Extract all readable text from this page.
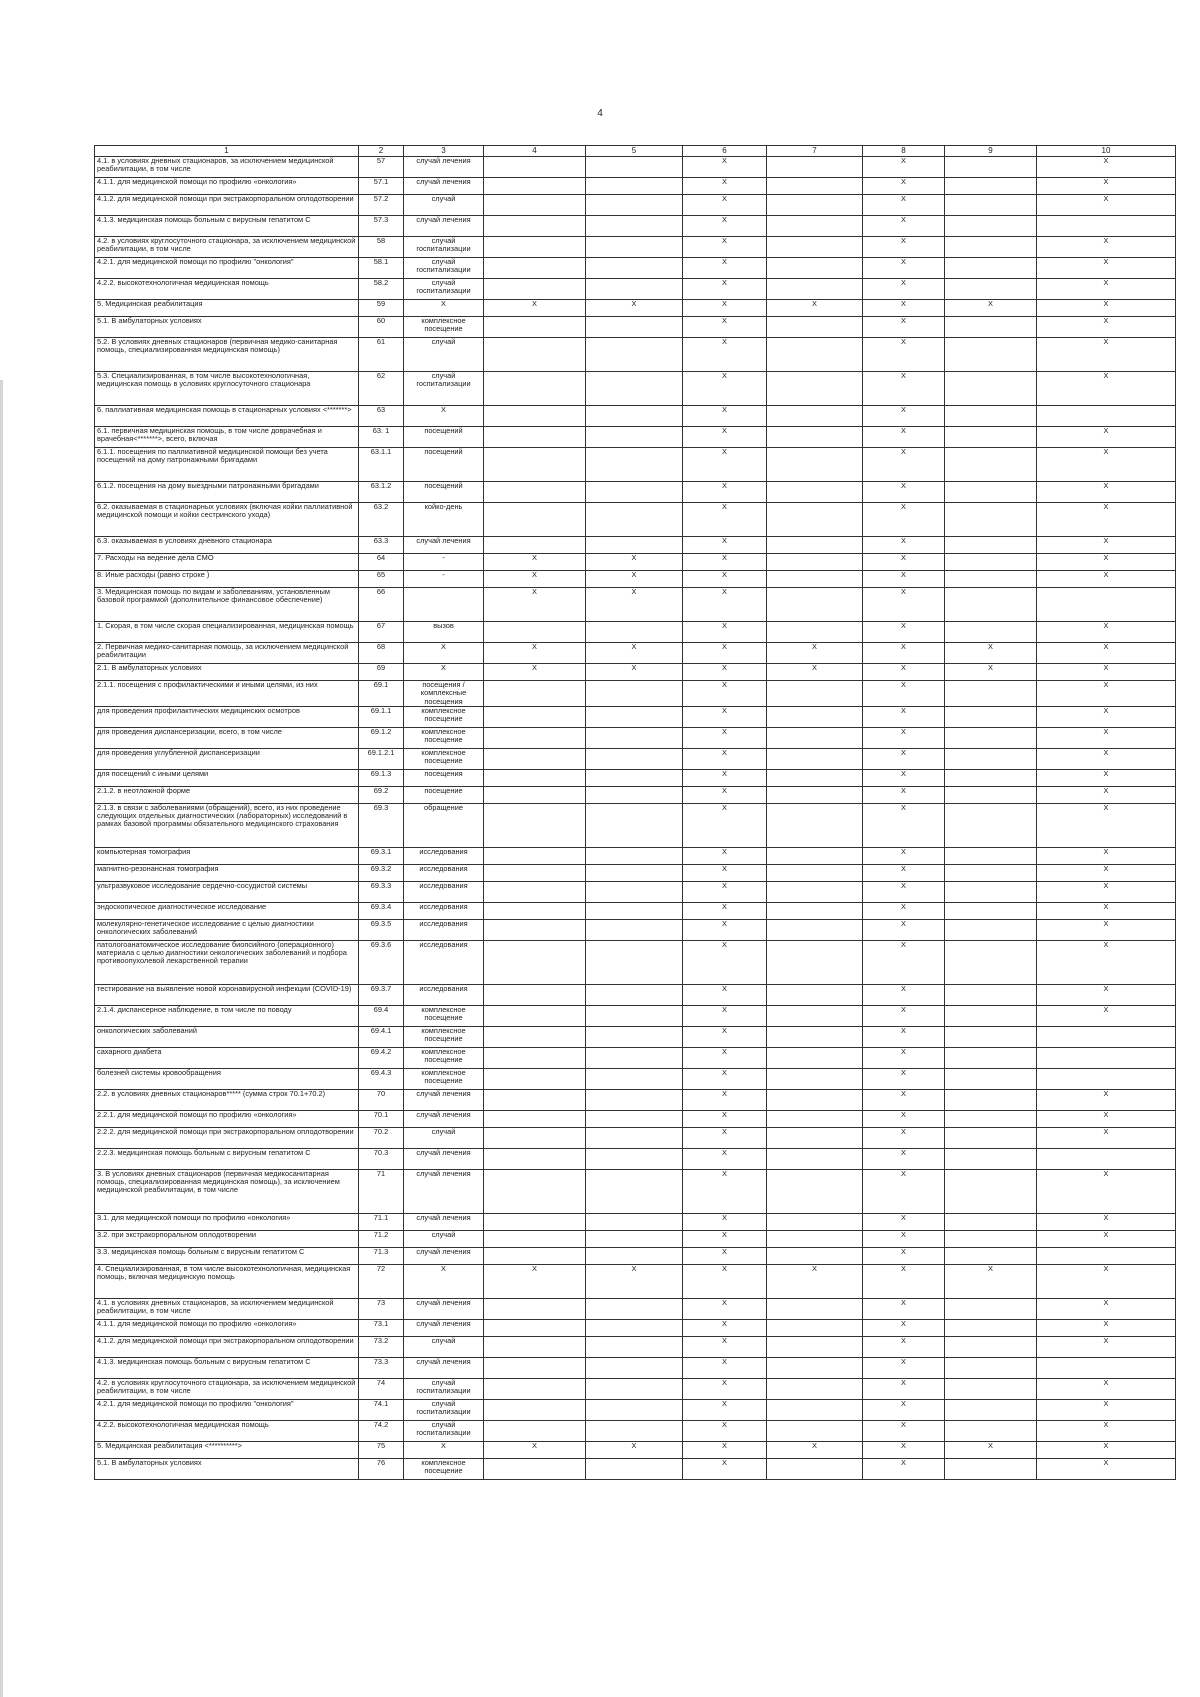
4
1	2	3	4	5	6	7	8	9	10
4.1. в условиях дневных стационаров, за исключением медицинской реабилитации, в том числе	57	случай лечения			X		X		X
4.1.1. для медицинской помощи по профилю «онкология»	57.1	случай лечения			X		X		X
4.1.2. для медицинской помощи при экстракорпоральном оплодотворении	57.2	случай			X		X		X
4.1.3. медицинская помощь больным с вирусным гепатитом С	57.3	случай лечения			X		X		
4.2. в условиях круглосуточного стационара, за исключением медицинской реабилитации, в том числе	58	случай госпитализации			X		X		X
4.2.1. для медицинской помощи по профилю "онкология"	58.1	случай госпитализации			X		X		X
4.2.2. высокотехнологичная медицинская помощь	58.2	случай госпитализации			X		X		X
5. Медицинская реабилитация	59	X	X	X	X	X	X	X	X
5.1. В амбулаторных условиях	60	комплексное посещение			X		X		X
5.2. В условиях дневных стационаров (первичная медико-санитарная помощь, специализированная медицинская помощь)	61	случай			X		X		X
5.3. Специализированная, в том числе высокотехнологичная, медицинская помощь в условиях круглосуточного стационара	62	случай госпитализации			X		X		X
6. паллиативная медицинская помощь в стационарных условиях <*******>	63	X			X		X		
6.1. первичная медицинская помощь, в том числе доврачебная и врачебная<*******>, всего, включая	63. 1	посещений			X		X		X
6.1.1. посещения по паллиативной медицинской помощи без учета посещений на дому патронажными бригадами	63.1.1	посещений			X		X		X
6.1.2. посещения на дому выездными патронажными бригадами	63.1.2	посещений			X		X		X
6.2. оказываемая в стационарных условиях (включая койки паллиативной медицинской помощи и койки сестринского ухода)	63.2	койко-день			X		X		X
6.3. оказываемая в условиях дневного стационара	63.3	случай лечения			X		X		X
7. Расходы на ведение дела СМО	64	-	X	X	X		X		X
8. Иные расходы (равно строке )	65	-	X	X	X		X		X
3. Медицинская помощь по видам и заболеваниям, установленным базовой программой (дополнительное финансовое обеспечение)	66		X	X	X		X		
1. Скорая, в том числе скорая специализированная, медицинская помощь	67	вызов			X		X		X
2. Первичная медико-санитарная помощь, за исключением медицинской реабилитации	68	X	X	X	X	X	X	X	X
2.1. В амбулаторных условиях	69	X	X	X	X	X	X	X	X
2.1.1. посещения с профилактическими и иными целями, из них	69.1	посещения / комплексные посещения			X		X		X
для проведения профилактических медицинских осмотров	69.1.1	комплексное посещение			X		X		X
для проведения диспансеризации, всего, в том числе	69.1.2	комплексное посещение			X		X		X
для проведения углубленной диспансеризации	69.1.2.1	комплексное посещение			X		X		X
для посещений с иными целями	69.1.3	посещения			X		X		X
2.1.2. в неотложной форме	69.2	посещение			X		X		X
2.1.3. в связи с заболеваниями (обращений), всего, из них проведение следующих отдельных диагностических (лабораторных) исследований в рамках базовой программы обязательного медицинского страхования	69.3	обращение			X		X		X
компьютерная томография	69.3.1	исследования			X		X		X
магнитно-резонансная томография	69.3.2	исследования			X		X		X
ультразвуковое исследование сердечно-сосудистой системы	69.3.3	исследования			X		X		X
эндоскопическое диагностическое исследование	69.3.4	исследования			X		X		X
молекулярно-генетическое исследование с целью диагностики онкологических заболеваний	69.3.5	исследования			X		X		X
патологоанатомическое исследование биопсийного (операционного) материала с целью диагностики онкологических заболеваний и подбора противоопухолевой лекарственной терапии	69.3.6	исследования			X		X		X
тестирование на выявление новой коронавирусной инфекции (COVID-19)	69.3.7	исследования			X		X		X
2.1.4. диспансерное наблюдение, в том числе по поводу	69.4	комплексное посещение			X		X		X
онкологических заболеваний	69.4.1	комплексное посещение			X		X		
сахарного диабета	69.4.2	комплексное посещение			X		X		
болезней системы кровообращения	69.4.3	комплексное посещение			X		X		
2.2. в условиях дневных стационаров***** (сумма строк 70.1+70.2)	70	случай лечения			X		X		X
2.2.1. для медицинской помощи по профилю «онкология»	70.1	случай лечения			X		X		X
2.2.2. для медицинской помощи при экстракорпоральном оплодотворении	70.2	случай			X		X		X
2.2.3. медицинская помощь больным с вирусным гепатитом С	70.3	случай лечения			X		X		
3. В условиях дневных стационаров (первичная медикосанитарная помощь, специализированная медицинская помощь), за исключением медицинской реабилитации, в том числе	71	случай лечения			X		X		X
3.1. для медицинской помощи по профилю «онкология»	71.1	случай лечения			X		X		X
3.2. при экстракорпоральном оплодотворении	71.2	случай			X		X		X
3.3. медицинская помощь больным с вирусным гепатитом С	71.3	случай лечения			X		X		
4. Специализированная, в том числе высокотехнологичная, медицинская помощь, включая медицинскую помощь	72	X	X	X	X	X	X	X	X
4.1. в условиях дневных стационаров, за исключением медицинской реабилитации, в том числе	73	случай лечения			X		X		X
4.1.1. для медицинской помощи по профилю «онкология»	73.1	случай лечения			X		X		X
4.1.2. для медицинской помощи при экстракорпоральном оплодотворении	73.2	случай			X		X		X
4.1.3. медицинская помощь больным с вирусным гепатитом С	73.3	случай лечения			X		X		
4.2. в условиях круглосуточного стационара, за исключением медицинской реабилитации, в том числе	74	случай госпитализации			X		X		X
4.2.1. для медицинской помощи по профилю "онкология"	74.1	случай госпитализации			X		X		X
4.2.2. высокотехнологичная медицинская помощь	74.2	случай госпитализации			X		X		X
5. Медицинская реабилитация <**********>	75	X	X	X	X	X	X	X	X
5.1. В амбулаторных условиях	76	комплексное посещение			X		X		X
